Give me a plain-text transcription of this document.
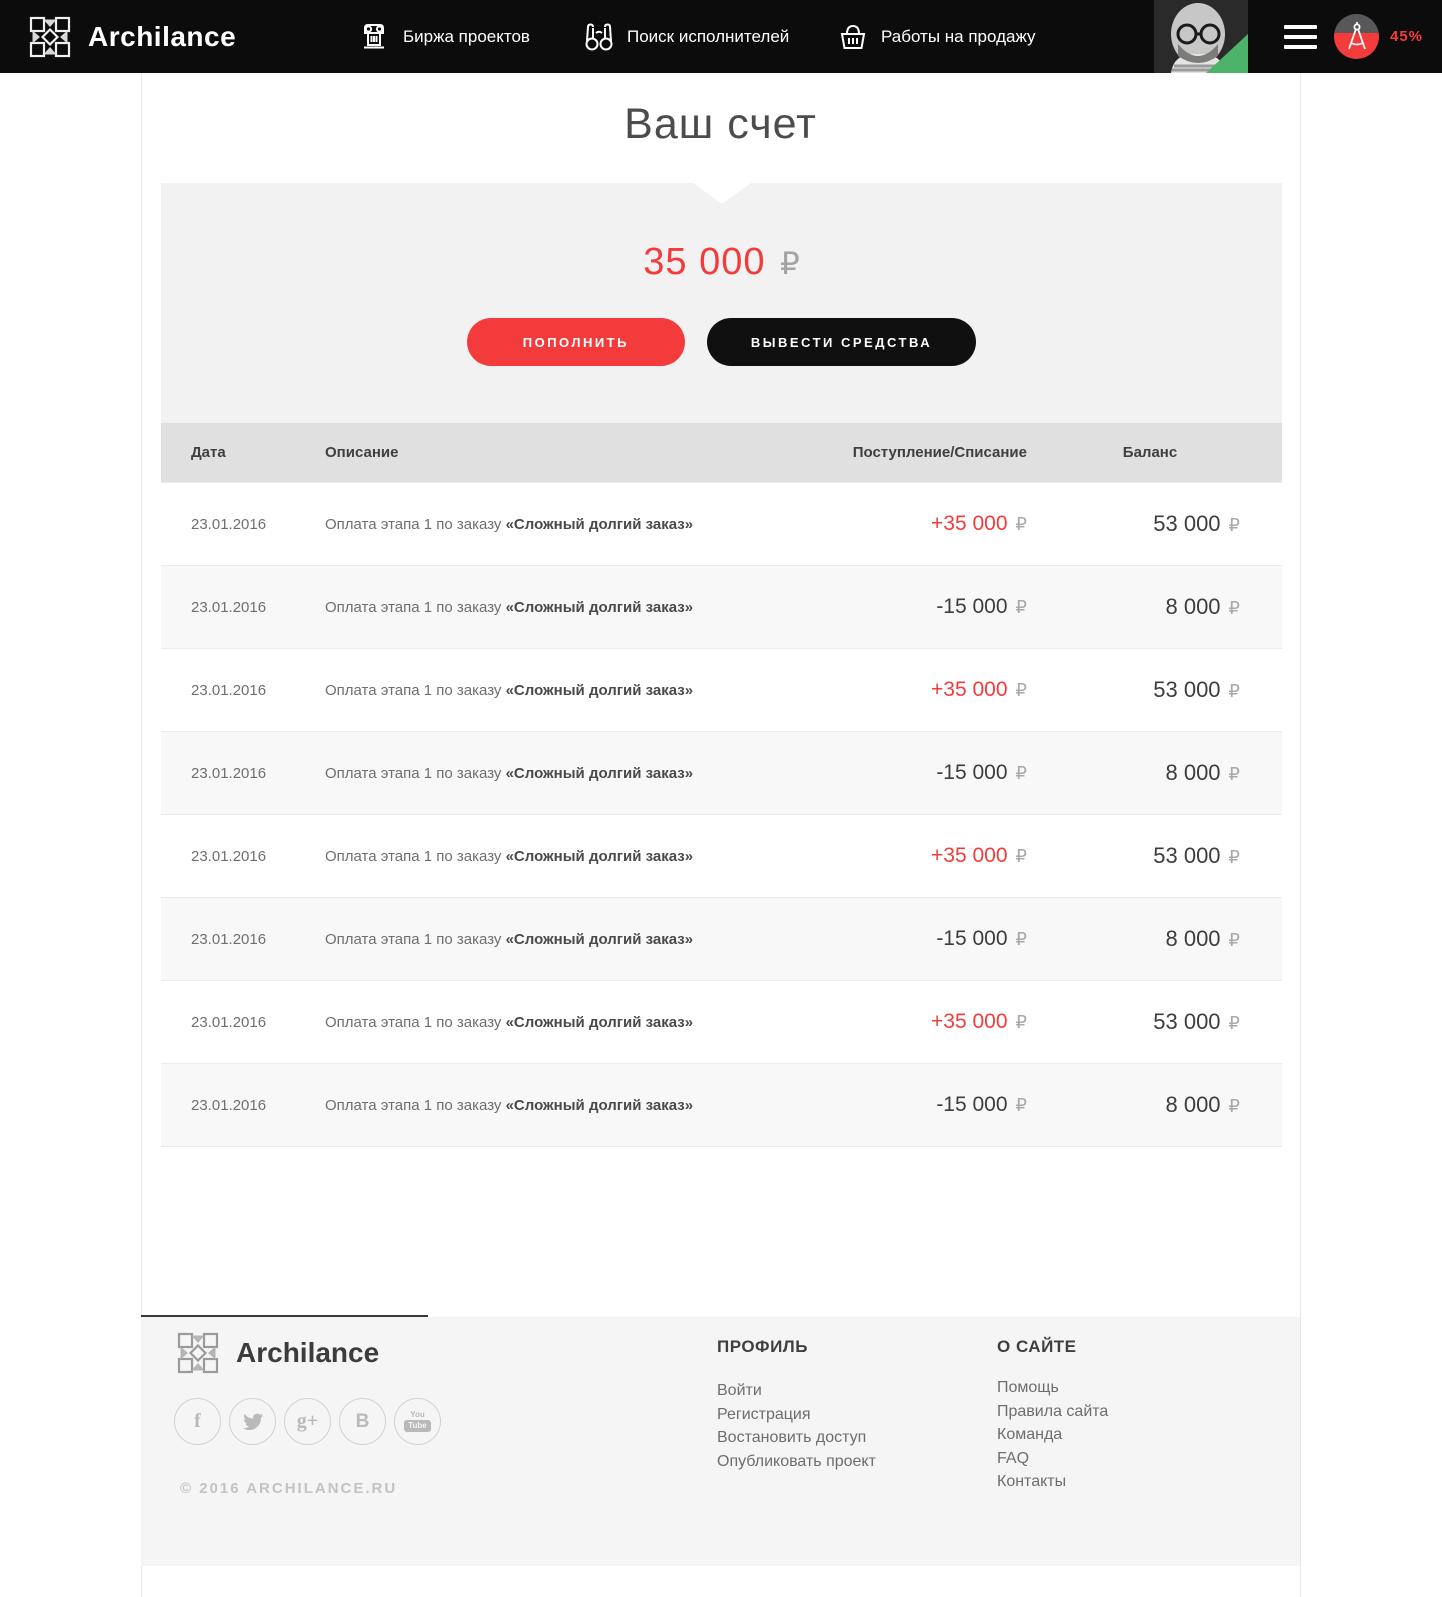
Archilance	Биржа проектов	Поиск исполнителей	Работы на продажу	45%
Ваш счет
35 000 ₽
ПОПОЛНИТЬ	ВЫВЕСТИ СРЕДСТВА
Дата	Описание	Поступление/Списание	Баланс
23.01.2016	Оплата этапа 1 по заказу «Сложный долгий заказ»	+35 000 ₽	53 000 ₽
23.01.2016	Оплата этапа 1 по заказу «Сложный долгий заказ»	-15 000 ₽	8 000 ₽
23.01.2016	Оплата этапа 1 по заказу «Сложный долгий заказ»	+35 000 ₽	53 000 ₽
23.01.2016	Оплата этапа 1 по заказу «Сложный долгий заказ»	-15 000 ₽	8 000 ₽
23.01.2016	Оплата этапа 1 по заказу «Сложный долгий заказ»	+35 000 ₽	53 000 ₽
23.01.2016	Оплата этапа 1 по заказу «Сложный долгий заказ»	-15 000 ₽	8 000 ₽
23.01.2016	Оплата этапа 1 по заказу «Сложный долгий заказ»	+35 000 ₽	53 000 ₽
23.01.2016	Оплата этапа 1 по заказу «Сложный долгий заказ»	-15 000 ₽	8 000 ₽
Archilance
f	g+ B	You
Tube
© 2016 ARCHILANCE.RU
ПРОФИЛЬ
Войти
Регистрация
Востановить доступ
Опубликовать проект
О САЙТЕ
Помощь
Правила сайта
Команда
FAQ
Контакты
